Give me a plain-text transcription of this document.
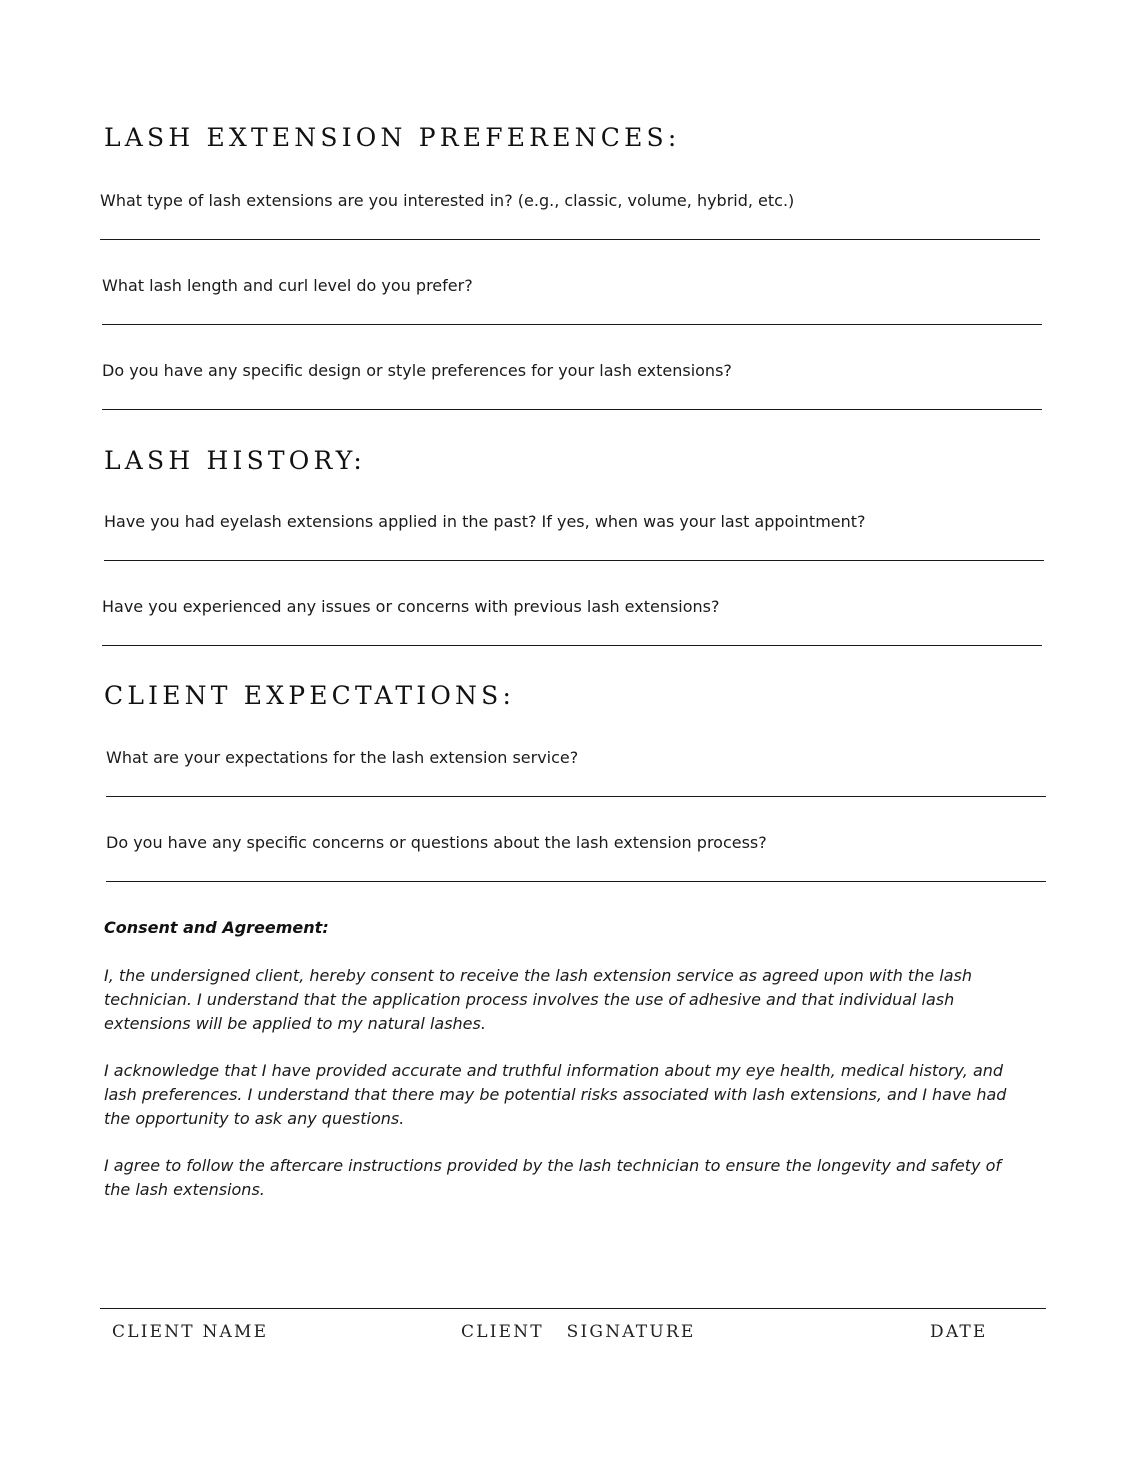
LASH EXTENSION PREFERENCES:

What type of lash extensions are you interested in? (e.g., classic, volume, hybrid, etc.)

What lash length and curl level do you prefer?

Do you have any specific design or style preferences for your lash extensions?

LASH HISTORY:

Have you had eyelash extensions applied in the past? If yes, when was your last appointment?

Have you experienced any issues or concerns with previous lash extensions?

CLIENT EXPECTATIONS:

What are your expectations for the lash extension service?

Do you have any specific concerns or questions about the lash extension process?

Consent and Agreement:

I, the undersigned client, hereby consent to receive the lash extension service as agreed upon with the lash technician. I understand that the application process involves the use of adhesive and that individual lash extensions will be applied to my natural lashes.

I acknowledge that I have provided accurate and truthful information about my eye health, medical history, and lash preferences. I understand that there may be potential risks associated with lash extensions, and I have had the opportunity to ask any questions.

I agree to follow the aftercare instructions provided by the lash technician to ensure the longevity and safety of the lash extensions.

CLIENT NAME	CLIENT   SIGNATURE	DATE
